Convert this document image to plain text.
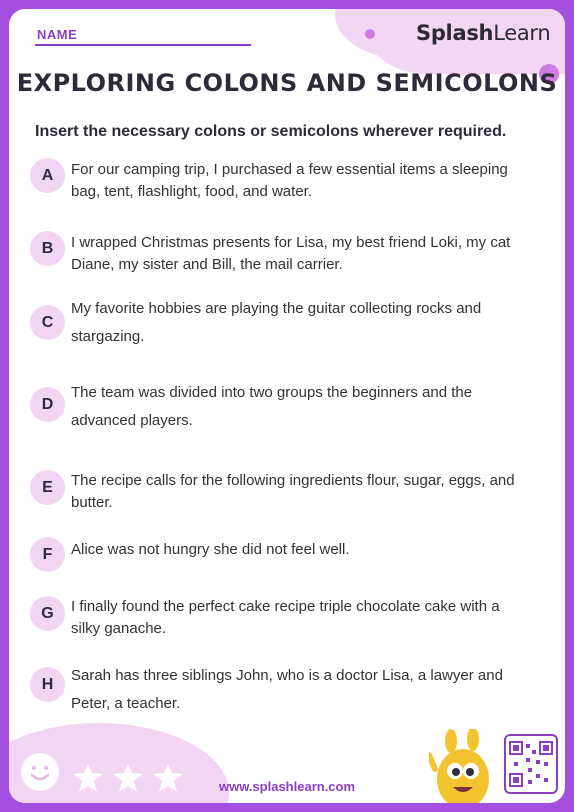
SplashLearn
NAME
EXPLORING COLONS AND SEMICOLONS
Insert the necessary colons or semicolons wherever required.
A	For our camping trip, I purchased a few essential items a sleeping
bag, tent, flashlight, food, and water.
B	I wrapped Christmas presents for Lisa, my best friend Loki, my cat
Diane, my sister and Bill, the mail carrier.
C
My favorite hobbies are playing the guitar collecting rocks and
stargazing.
D
The team was divided into two groups the beginners and the
advanced players.
E	The recipe calls for the following ingredients flour, sugar, eggs, and
butter.
F	Alice was not hungry she did not feel well.
G	I finally found the perfect cake recipe triple chocolate cake with a
silky ganache.
H	Sarah has three siblings John, who is a doctor Lisa, a lawyer and
Peter, a teacher.
www.splashlearn.com
